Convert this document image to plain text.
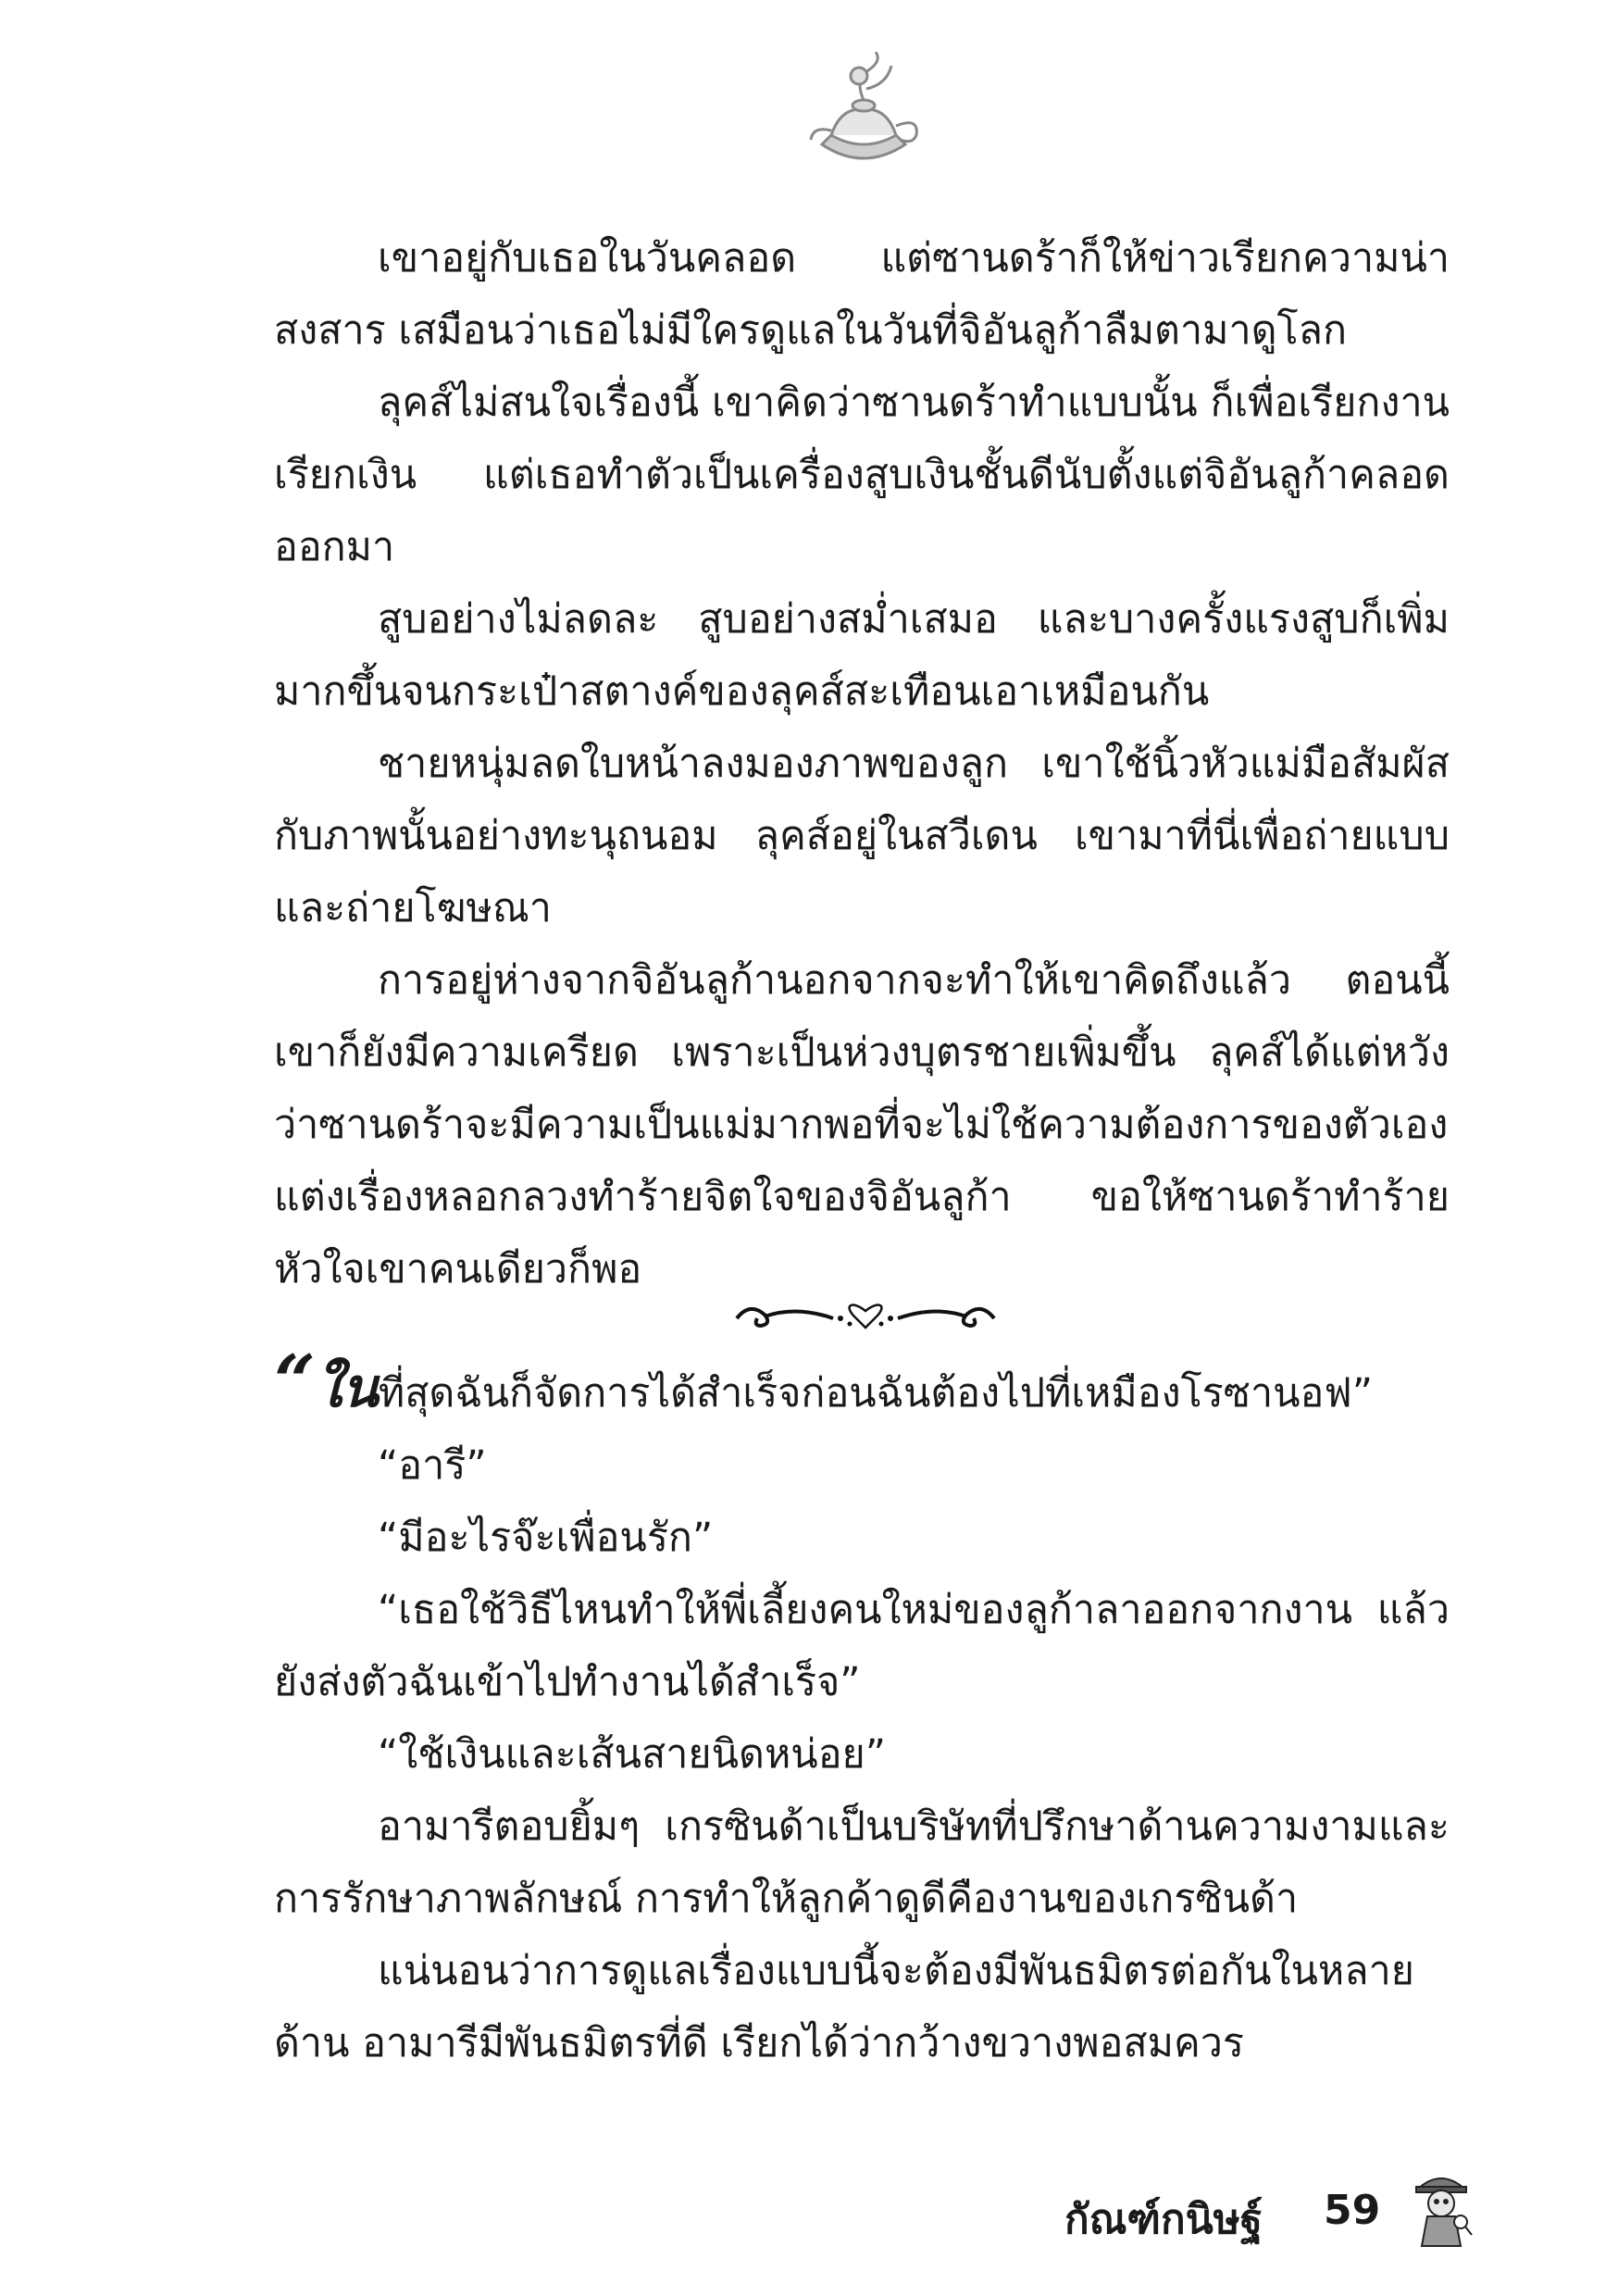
เขาอยู่กับเธอในวันคลอด แต่ซานดร้าก็ให้ข่าวเรียกความน่าสงสาร เสมือนว่าเธอไม่มีใครดูแลในวันที่จิอันลูก้าลืมตามาดูโลก

ลุคส์ไม่สนใจเรื่องนี้ เขาคิดว่าซานดร้าทำแบบนั้น ก็เพื่อเรียกงานเรียกเงิน แต่เธอทำตัวเป็นเครื่องสูบเงินชั้นดีนับตั้งแต่จิอันลูก้าคลอดออกมา

สูบอย่างไม่ลดละ สูบอย่างสม่ำเสมอ และบางครั้งแรงสูบก็เพิ่มมากขึ้นจนกระเป๋าสตางค์ของลุคส์สะเทือนเอาเหมือนกัน

ชายหนุ่มลดใบหน้าลงมองภาพของลูก เขาใช้นิ้วหัวแม่มือสัมผัสกับภาพนั้นอย่างทะนุถนอม ลุคส์อยู่ในสวีเดน เขามาที่นี่เพื่อถ่ายแบบและถ่ายโฆษณา

การอยู่ห่างจากจิอันลูก้านอกจากจะทำให้เขาคิดถึงแล้ว ตอนนี้เขาก็ยังมีความเครียด เพราะเป็นห่วงบุตรชายเพิ่มขึ้น ลุคส์ได้แต่หวังว่าซานดร้าจะมีความเป็นแม่มากพอที่จะไม่ใช้ความต้องการของตัวเองแต่งเรื่องหลอกลวงทำร้ายจิตใจของจิอันลูก้า ขอให้ซานดร้าทำร้ายหัวใจเขาคนเดียวก็พอ

“ในที่สุดฉันก็จัดการได้สำเร็จก่อนฉันต้องไปที่เหมืองโรซานอฟ”

“อารี”

“มีอะไรจ๊ะเพื่อนรัก”

“เธอใช้วิธีไหนทำให้พี่เลี้ยงคนใหม่ของลูก้าลาออกจากงาน แล้วยังส่งตัวฉันเข้าไปทำงานได้สำเร็จ”

“ใช้เงินและเส้นสายนิดหน่อย”

อามารีตอบยิ้มๆ เกรซินด้าเป็นบริษัทที่ปรึกษาด้านความงามและการรักษาภาพลักษณ์ การทำให้ลูกค้าดูดีคืองานของเกรซินด้า

แน่นอนว่าการดูแลเรื่องแบบนี้จะต้องมีพันธมิตรต่อกันในหลายด้าน อามารีมีพันธมิตรที่ดี เรียกได้ว่ากว้างขวางพอสมควร

กัณฑ์กนิษฐ์ 59
